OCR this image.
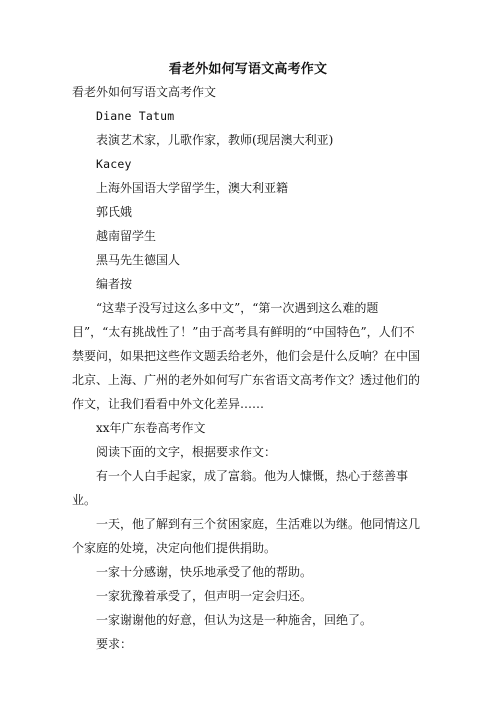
看老外如何写语文高考作文

看老外如何写语文高考作文

Diane Tatum

表演艺术家，儿歌作家，教师(现居澳大利亚)

Kacey

上海外国语大学留学生，澳大利亚籍

郭氏娥

越南留学生

黑马先生德国人

编者按

“这辈子没写过这么多中文”，“第一次遇到这么难的题目”，“太有挑战性了！”由于高考具有鲜明的“中国特色”，人们不禁要问，如果把这些作文题丢给老外，他们会是什么反响？在中国北京、上海、广州的老外如何写广东省语文高考作文？透过他们的作文，让我们看看中外文化差异……

xx年广东卷高考作文

阅读下面的文字，根据要求作文：

有一个人白手起家，成了富翁。他为人慷慨，热心于慈善事业。

一天，他了解到有三个贫困家庭，生活难以为继。他同情这几个家庭的处境，决定向他们提供捐助。

一家十分感谢，快乐地承受了他的帮助。

一家犹豫着承受了，但声明一定会归还。

一家谢谢他的好意，但认为这是一种施舍，回绝了。

要求：
